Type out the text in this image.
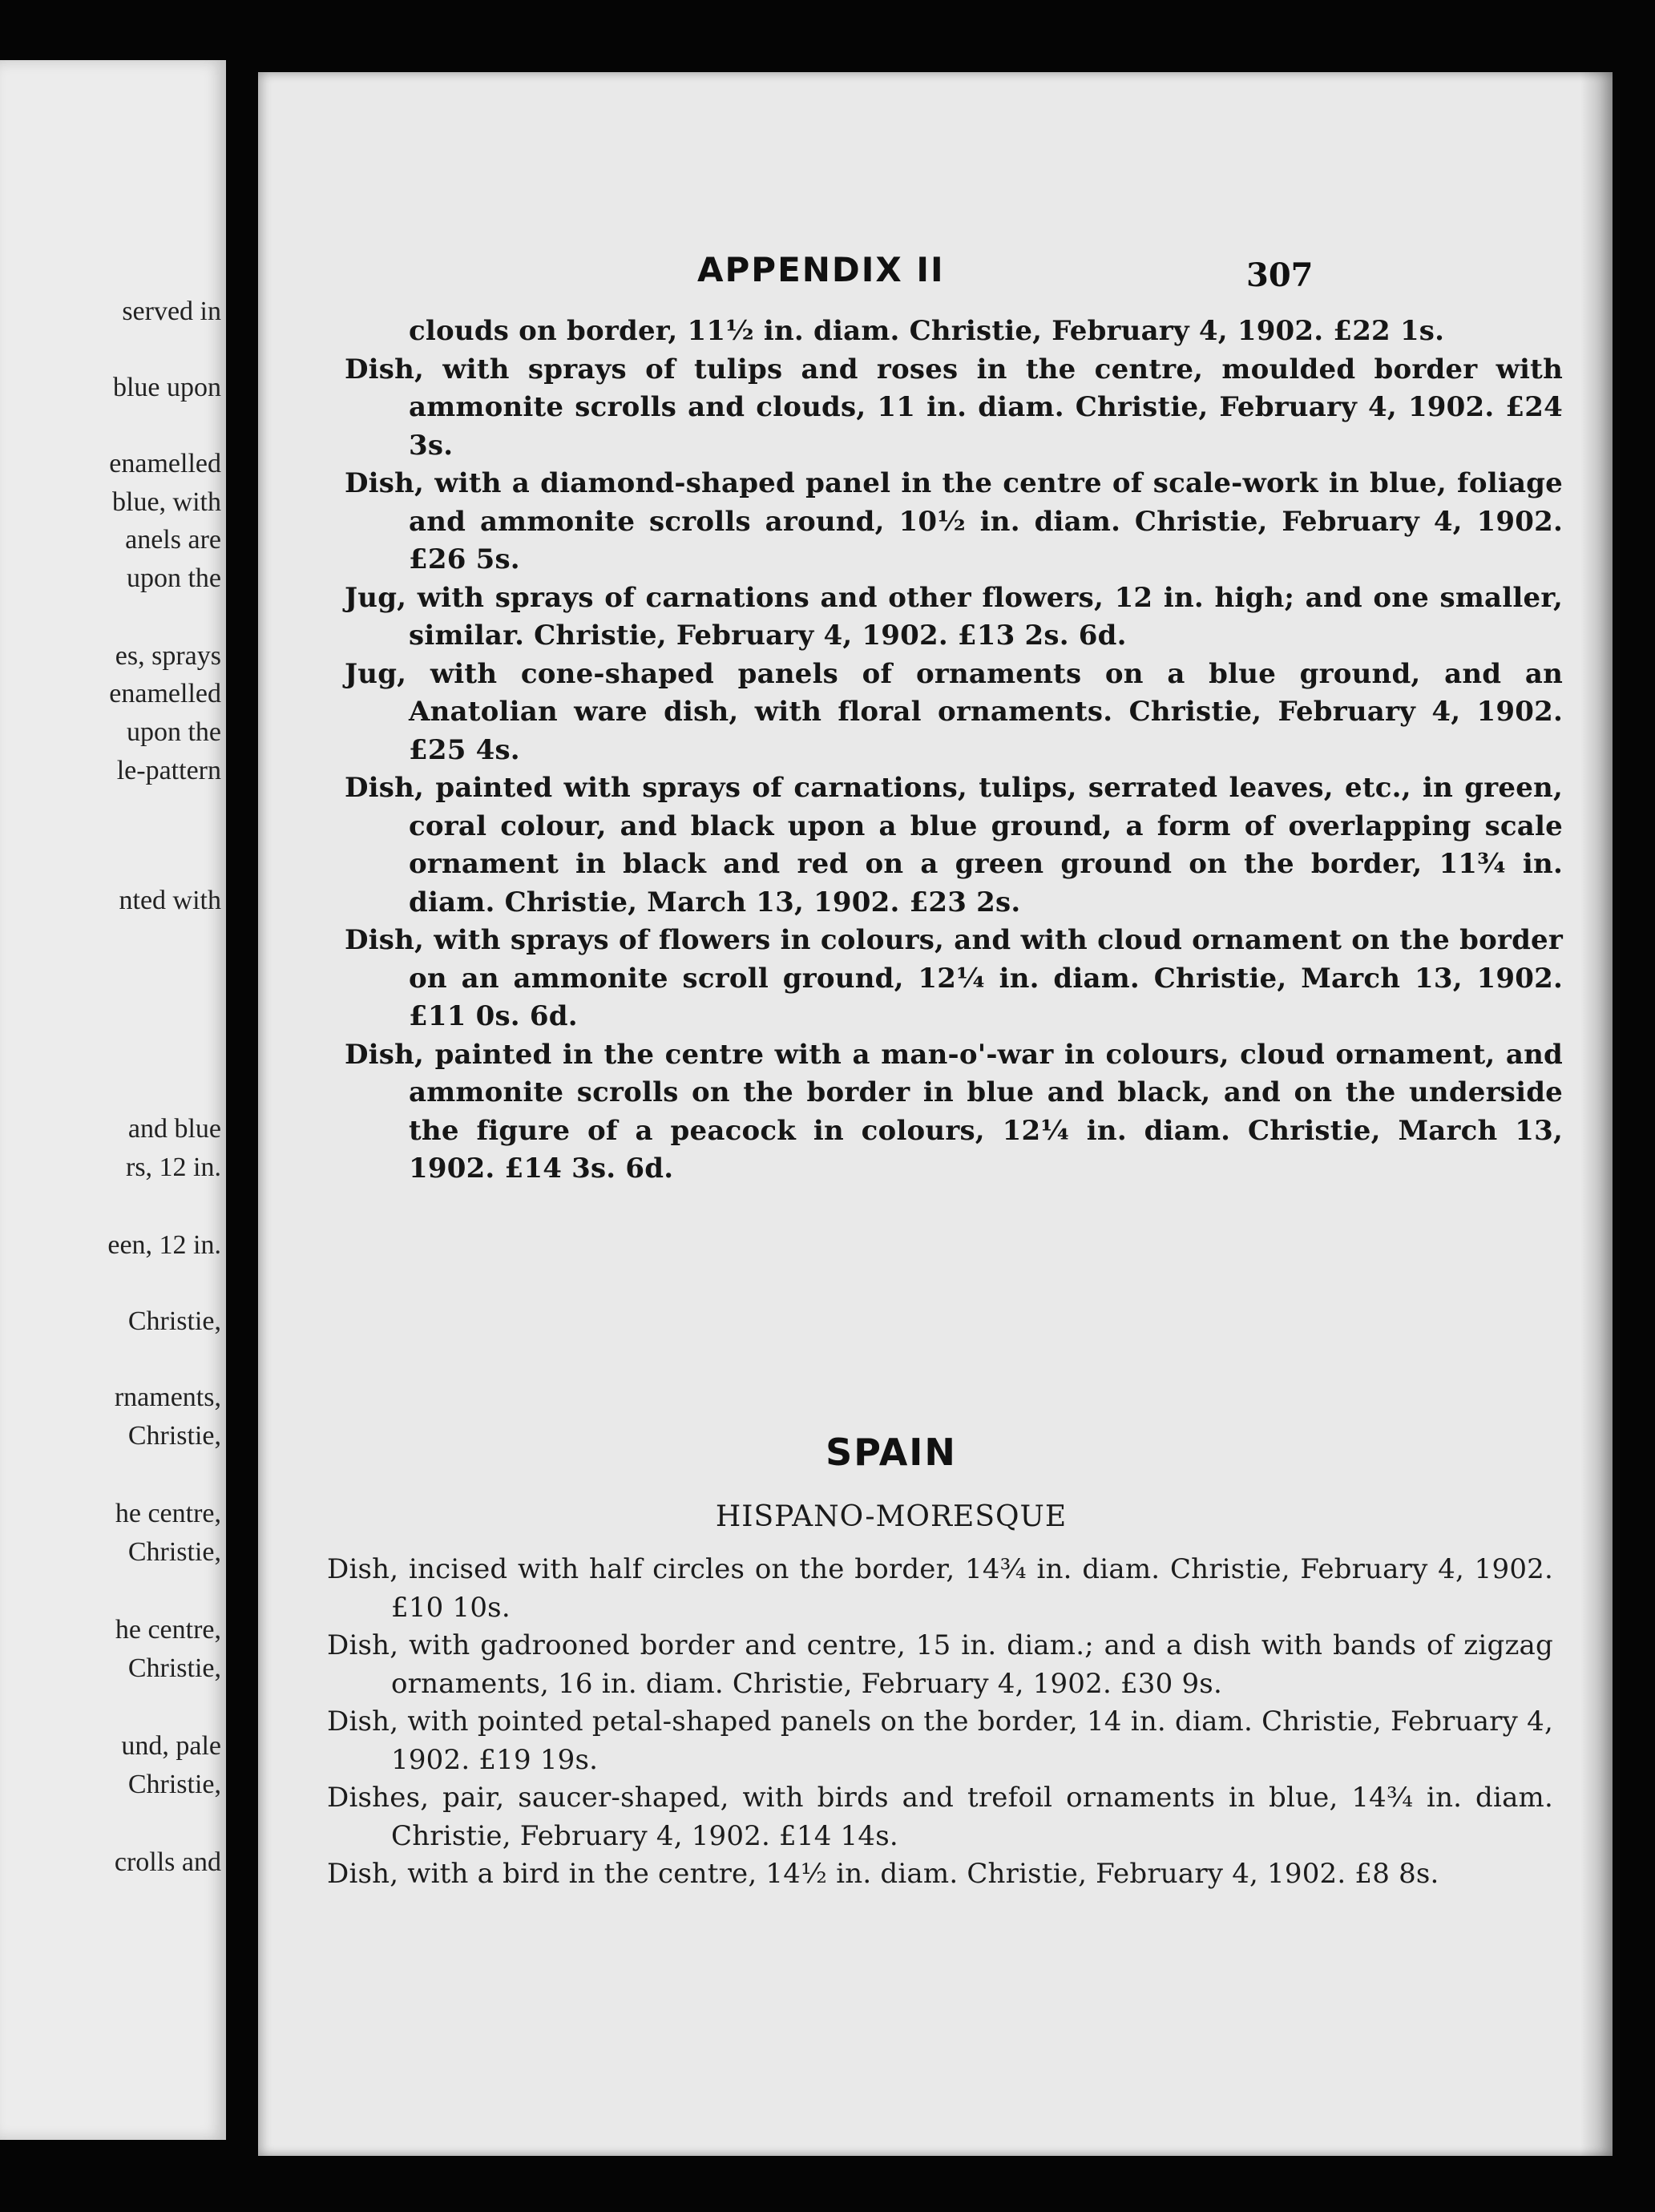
served in
blue upon
enamelled
blue, with
anels are
upon the
es, sprays
enamelled
upon the
le-pattern
nted with
and blue
rs, 12 in.
een, 12 in.
Christie,
rnaments,
Christie,
he centre,
Christie,
he centre,
Christie,
und, pale
Christie,
crolls and
APPENDIX II	307
clouds on border, 11½ in. diam. Christie, February 4, 1902. £22 1s.
Dish, with sprays of tulips and roses in the centre, moulded border with ammonite scrolls and clouds, 11 in. diam. Christie, February 4, 1902. £24 3s.
Dish, with a diamond-shaped panel in the centre of scale-work in blue, foliage and ammonite scrolls around, 10½ in. diam. Christie, February 4, 1902. £26 5s.
Jug, with sprays of carnations and other flowers, 12 in. high; and one smaller, similar. Christie, February 4, 1902. £13 2s. 6d.
Jug, with cone-shaped panels of ornaments on a blue ground, and an Anatolian ware dish, with floral ornaments. Christie, February 4, 1902. £25 4s.
Dish, painted with sprays of carnations, tulips, serrated leaves, etc., in green, coral colour, and black upon a blue ground, a form of overlapping scale ornament in black and red on a green ground on the border, 11¾ in. diam. Christie, March 13, 1902. £23 2s.
Dish, with sprays of flowers in colours, and with cloud ornament on the border on an ammonite scroll ground, 12¼ in. diam. Christie, March 13, 1902. £11 0s. 6d.
Dish, painted in the centre with a man-o'-war in colours, cloud ornament, and ammonite scrolls on the border in blue and black, and on the underside the figure of a peacock in colours, 12¼ in. diam. Christie, March 13, 1902. £14 3s. 6d.
SPAIN
HISPANO-MORESQUE
Dish, incised with half circles on the border, 14¾ in. diam. Christie, February 4, 1902. £10 10s.
Dish, with gadrooned border and centre, 15 in. diam.; and a dish with bands of zigzag ornaments, 16 in. diam. Christie, February 4, 1902. £30 9s.
Dish, with pointed petal-shaped panels on the border, 14 in. diam. Christie, February 4, 1902. £19 19s.
Dishes, pair, saucer-shaped, with birds and trefoil ornaments in blue, 14¾ in. diam. Christie, February 4, 1902. £14 14s.
Dish, with a bird in the centre, 14½ in. diam. Christie, February 4, 1902. £8 8s.
